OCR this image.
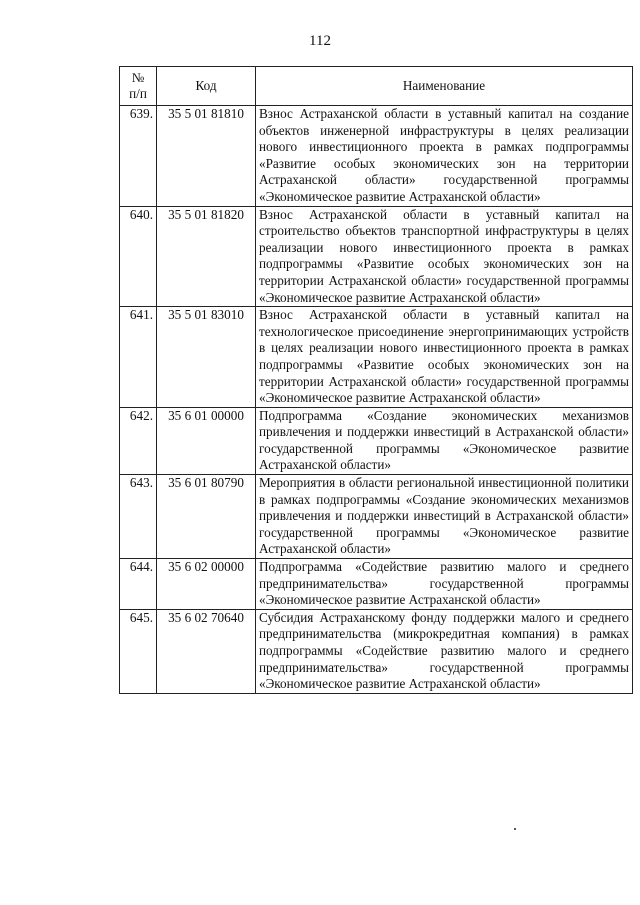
112
№
п/п	Код	Наименование
639.	35 5 01 81810	Взнос Астраханской области в уставный капитал на создание объектов инженерной инфраструктуры в целях реализации нового инвестиционного проекта в рамках подпрограммы «Развитие особых экономических зон на территории Астраханской области» государственной программы «Экономическое развитие Астраханской области»
640.	35 5 01 81820	Взнос Астраханской области в уставный капитал на строительство объектов транспортной инфраструктуры в целях реализации нового инвестиционного проекта в рамках подпрограммы «Развитие особых экономических зон на территории Астраханской области» государственной программы «Экономическое развитие Астраханской области»
641.	35 5 01 83010	Взнос Астраханской области в уставный капитал на технологическое присоединение энергопринимающих устройств в целях реализации нового инвестиционного проекта в рамках подпрограммы «Развитие особых экономических зон на территории Астраханской области» государственной программы «Экономическое развитие Астраханской области»
642.	35 6 01 00000	Подпрограмма «Создание экономических механизмов привлечения и поддержки инвестиций в Астраханской области» государственной программы «Экономическое развитие Астраханской области»
643.	35 6 01 80790	Мероприятия в области региональной инвестиционной политики в рамках подпрограммы «Создание экономических механизмов привлечения и поддержки инвестиций в Астраханской области» государственной программы «Экономическое развитие Астраханской области»
644.	35 6 02 00000	Подпрограмма «Содействие развитию малого и среднего предпринимательства» государственной программы «Экономическое развитие Астраханской области»
645.	35 6 02 70640	Субсидия Астраханскому фонду поддержки малого и среднего предпринимательства (микрокредитная компания) в рамках подпрограммы «Содействие развитию малого и среднего предпринимательства» государственной программы «Экономическое развитие Астраханской области»
